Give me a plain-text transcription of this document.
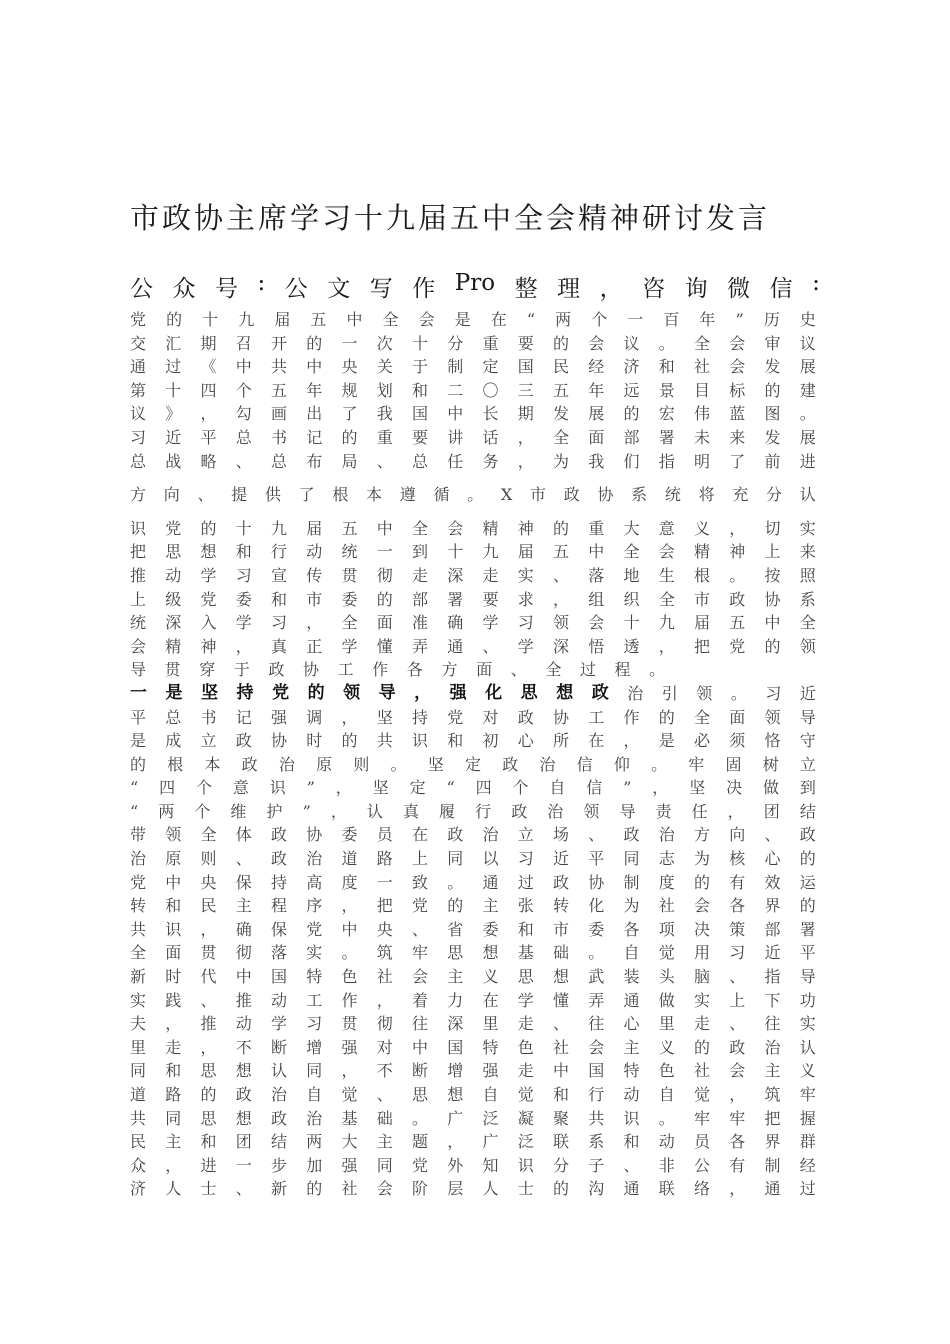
市政协主席学习十九届五中全会精神研讨发言
公 众 号 : 公 文 写 作 Pro 整 理 ， 咨 询 微 信 :
党 的 十 九 届 五 中 全 会 是 在 “ 两 个 一 百 年 ” 历 史
交 汇 期 召 开 的 一 次 十 分 重 要 的 会 议 。 全 会 审 议
通 过 《 中 共 中 央 关 于 制 定 国 民 经 济 和 社 会 发 展
第 十 四 个 五 年 规 划 和 二 〇 三 五 年 远 景 目 标 的 建
议 》 ， 勾 画 出 了 我 国 中 长 期 发 展 的 宏 伟 蓝 图 。
习 近 平 总 书 记 的 重 要 讲 话 ， 全 面 部 署 未 来 发 展
总 战 略 、 总 布 局 、 总 任 务 ， 为 我 们 指 明 了 前 进
方 向 、 提 供 了 根 本 遵 循 。 X 市 政 协 系 统 将 充 分 认
识 党 的 十 九 届 五 中 全 会 精 神 的 重 大 意 义 ， 切 实
把 思 想 和 行 动 统 一 到 十 九 届 五 中 全 会 精 神 上 来
推 动 学 习 宣 传 贯 彻 走 深 走 实 、 落 地 生 根 。 按 照
上 级 党 委 和 市 委 的 部 署 要 求 ， 组 织 全 市 政 协 系
统 深 入 学 习 ， 全 面 准 确 学 习 领 会 十 九 届 五 中 全
会 精 神 ， 真 正 学 懂 弄 通 、 学 深 悟 透 ， 把 党 的 领
导 贯 穿 于 政 协 工 作 各 方 面 、 全 过 程 。
一 是 坚 持 党 的 领 导 ， 强 化 思 想 政 治 引 领 。 习 近
平 总 书 记 强 调 ， 坚 持 党 对 政 协 工 作 的 全 面 领 导
是 成 立 政 协 时 的 共 识 和 初 心 所 在 ， 是 必 须 恪 守
的 根 本 政 治 原 则 。 坚 定 政 治 信 仰 。 牢 固 树 立
“ 四 个 意 识 ” ， 坚 定 “ 四 个 自 信 ” ， 坚 决 做 到
“ 两 个 维 护 ” ， 认 真 履 行 政 治 领 导 责 任 ， 团 结
带 领 全 体 政 协 委 员 在 政 治 立 场 、 政 治 方 向 、 政
治 原 则 、 政 治 道 路 上 同 以 习 近 平 同 志 为 核 心 的
党 中 央 保 持 高 度 一 致 。 通 过 政 协 制 度 的 有 效 运
转 和 民 主 程 序 ， 把 党 的 主 张 转 化 为 社 会 各 界 的
共 识 ， 确 保 党 中 央 、 省 委 和 市 委 各 项 决 策 部 署
全 面 贯 彻 落 实 。 筑 牢 思 想 基 础 。 自 觉 用 习 近 平
新 时 代 中 国 特 色 社 会 主 义 思 想 武 装 头 脑 、 指 导
实 践 、 推 动 工 作 ， 着 力 在 学 懂 弄 通 做 实 上 下 功
夫 ， 推 动 学 习 贯 彻 往 深 里 走 、 往 心 里 走 、 往 实
里 走 ， 不 断 增 强 对 中 国 特 色 社 会 主 义 的 政 治 认
同 和 思 想 认 同 ， 不 断 增 强 走 中 国 特 色 社 会 主 义
道 路 的 政 治 自 觉 、 思 想 自 觉 和 行 动 自 觉 ， 筑 牢
共 同 思 想 政 治 基 础 。 广 泛 凝 聚 共 识 。 牢 牢 把 握
民 主 和 团 结 两 大 主 题 ， 广 泛 联 系 和 动 员 各 界 群
众 ， 进 一 步 加 强 同 党 外 知 识 分 子 、 非 公 有 制 经
济 人 士 、 新 的 社 会 阶 层 人 士 的 沟 通 联 络 ， 通 过
